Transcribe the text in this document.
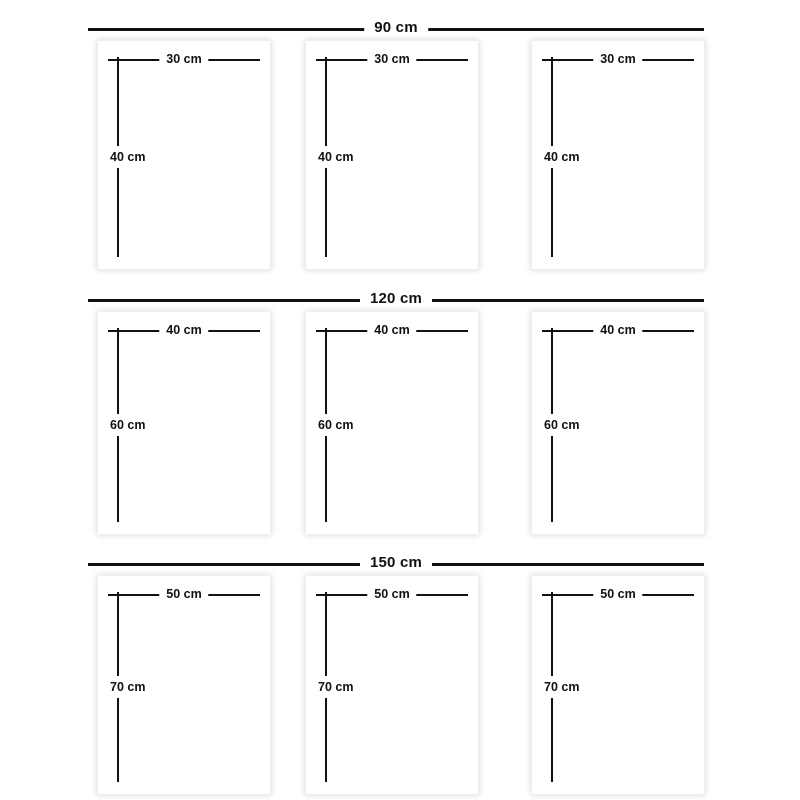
90 cm
30 cm
40 cm
30 cm
40 cm
30 cm
40 cm
120 cm
40 cm
60 cm
40 cm
60 cm
40 cm
60 cm
150 cm
50 cm
70 cm
50 cm
70 cm
50 cm
70 cm
